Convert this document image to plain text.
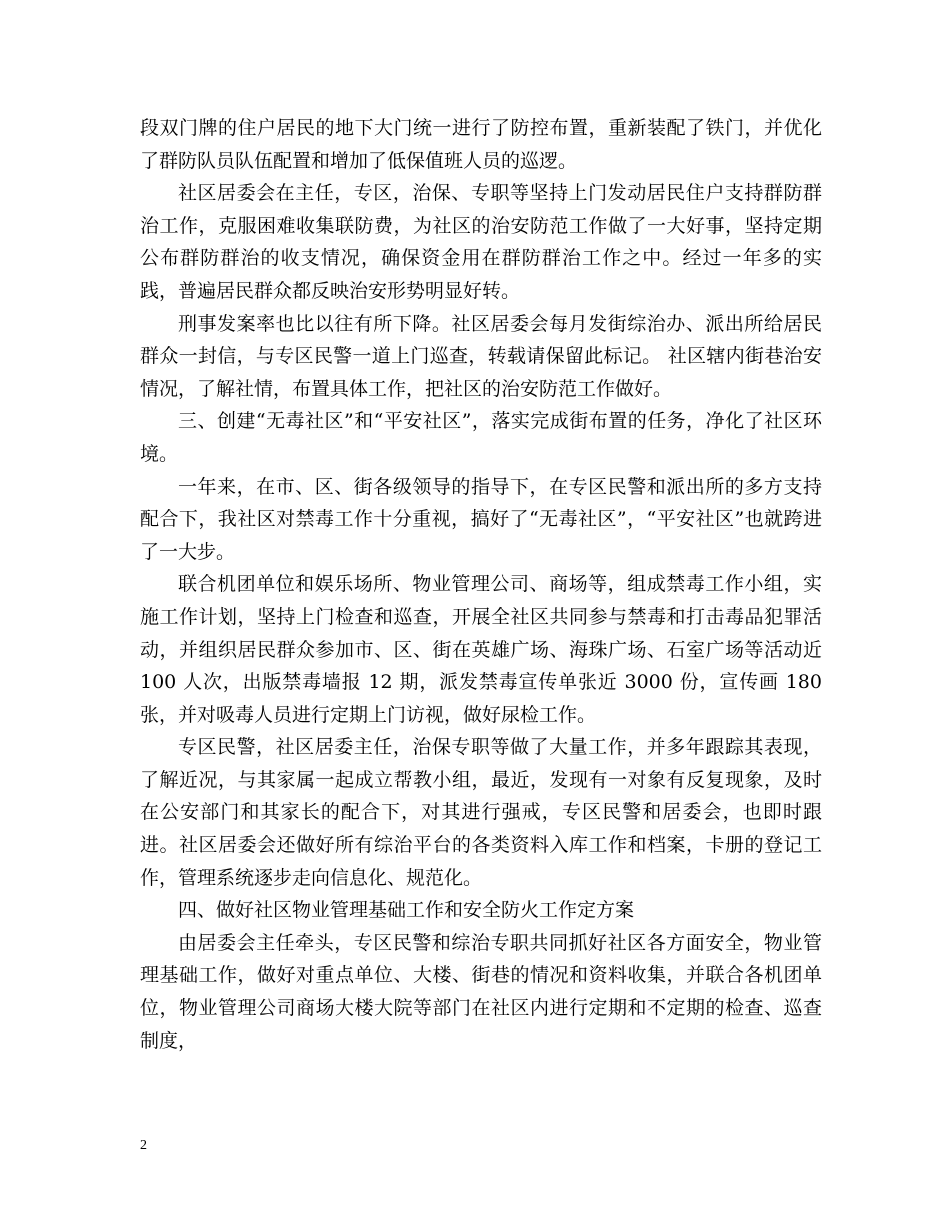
段双门牌的住户居民的地下大门统一进行了防控布置，重新装配了铁门，并优化了群防队员队伍配置和增加了低保值班人员的巡逻。

社区居委会在主任，专区，治保、专职等坚持上门发动居民住户支持群防群治工作，克服困难收集联防费，为社区的治安防范工作做了一大好事，坚持定期公布群防群治的收支情况，确保资金用在群防群治工作之中。经过一年多的实践，普遍居民群众都反映治安形势明显好转。

刑事发案率也比以往有所下降。社区居委会每月发街综治办、派出所给居民群众一封信，与专区民警一道上门巡查，转载请保留此标记。 社区辖内街巷治安情况，了解社情，布置具体工作，把社区的治安防范工作做好。

三、创建“无毒社区”和“平安社区”，落实完成街布置的任务，净化了社区环境。

一年来，在市、区、街各级领导的指导下，在专区民警和派出所的多方支持配合下，我社区对禁毒工作十分重视，搞好了“无毒社区”，“平安社区”也就跨进了一大步。

联合机团单位和娱乐场所、物业管理公司、商场等，组成禁毒工作小组，实施工作计划，坚持上门检查和巡查，开展全社区共同参与禁毒和打击毒品犯罪活动，并组织居民群众参加市、区、街在英雄广场、海珠广场、石室广场等活动近 100 人次，出版禁毒墙报 12 期，派发禁毒宣传单张近 3000 份，宣传画 180 张，并对吸毒人员进行定期上门访视，做好尿检工作。

专区民警，社区居委主任，治保专职等做了大量工作，并多年跟踪其表现，了解近况，与其家属一起成立帮教小组，最近，发现有一对象有反复现象，及时在公安部门和其家长的配合下，对其进行强戒，专区民警和居委会，也即时跟进。社区居委会还做好所有综治平台的各类资料入库工作和档案，卡册的登记工作，管理系统逐步走向信息化、规范化。

四、做好社区物业管理基础工作和安全防火工作定方案

由居委会主任牵头，专区民警和综治专职共同抓好社区各方面安全，物业管理基础工作，做好对重点单位、大楼、街巷的情况和资料收集，并联合各机团单位，物业管理公司商场大楼大院等部门在社区内进行定期和不定期的检查、巡查制度，

2
